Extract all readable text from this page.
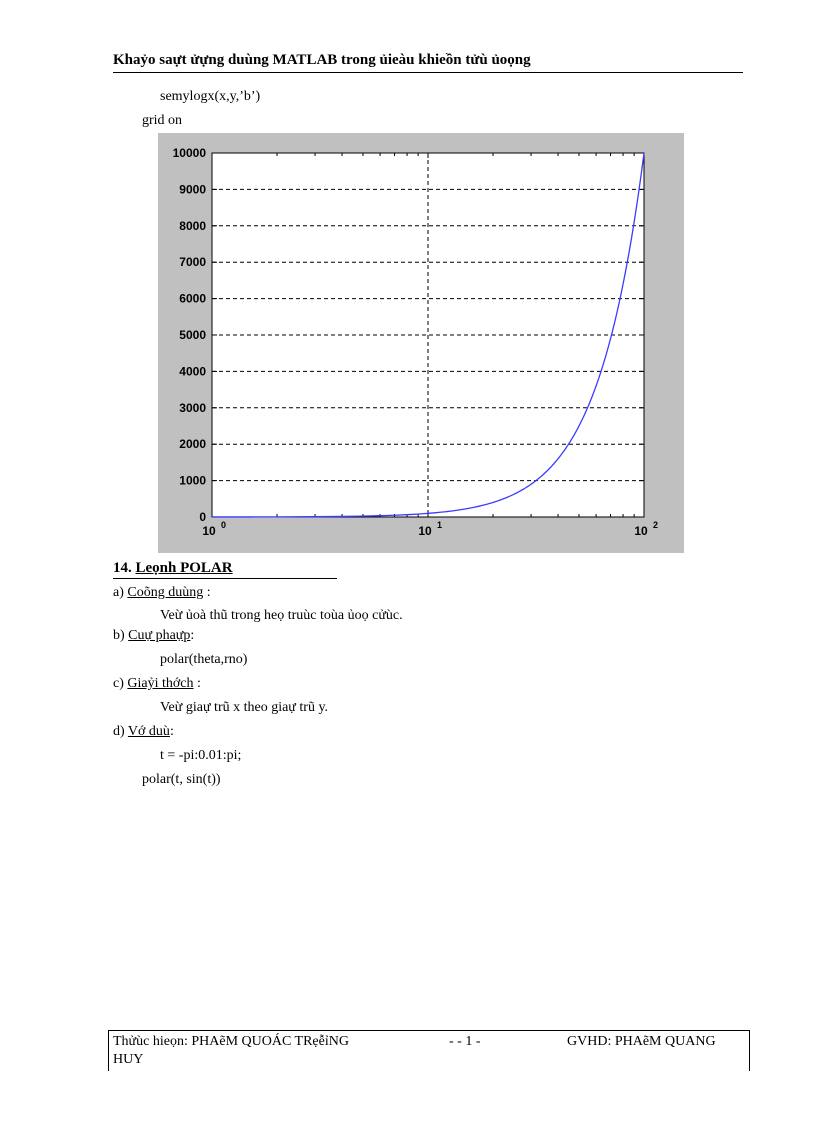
Khaỷo saựt ửựng duùng MATLAB trong ủieàu khieồn tửù ủoọng
semylogx(x,y,’b’)
grid on
0
1000
2000
3000
4000
5000
6000
7000
8000
9000
10000
10 0	10 1	10 2
14. Leọnh POLAR
a) Coõng duùng :
Veừ ủoà thũ trong heọ truùc toùa ủoọ cửùc.
b) Cuự phaựp:
polar(theta,rno)
c) Giaỷi thớch :
Veừ giaự trũ x theo giaự trũ y.
d) Vớ duù:
t = -pi:0.01:pi;
polar(t, sin(t))
Thửùc hieọn: PHAẽM QUOÁC TRẹễỉNG
HUY
- - 1 -	GVHD: PHAẽM QUANG
